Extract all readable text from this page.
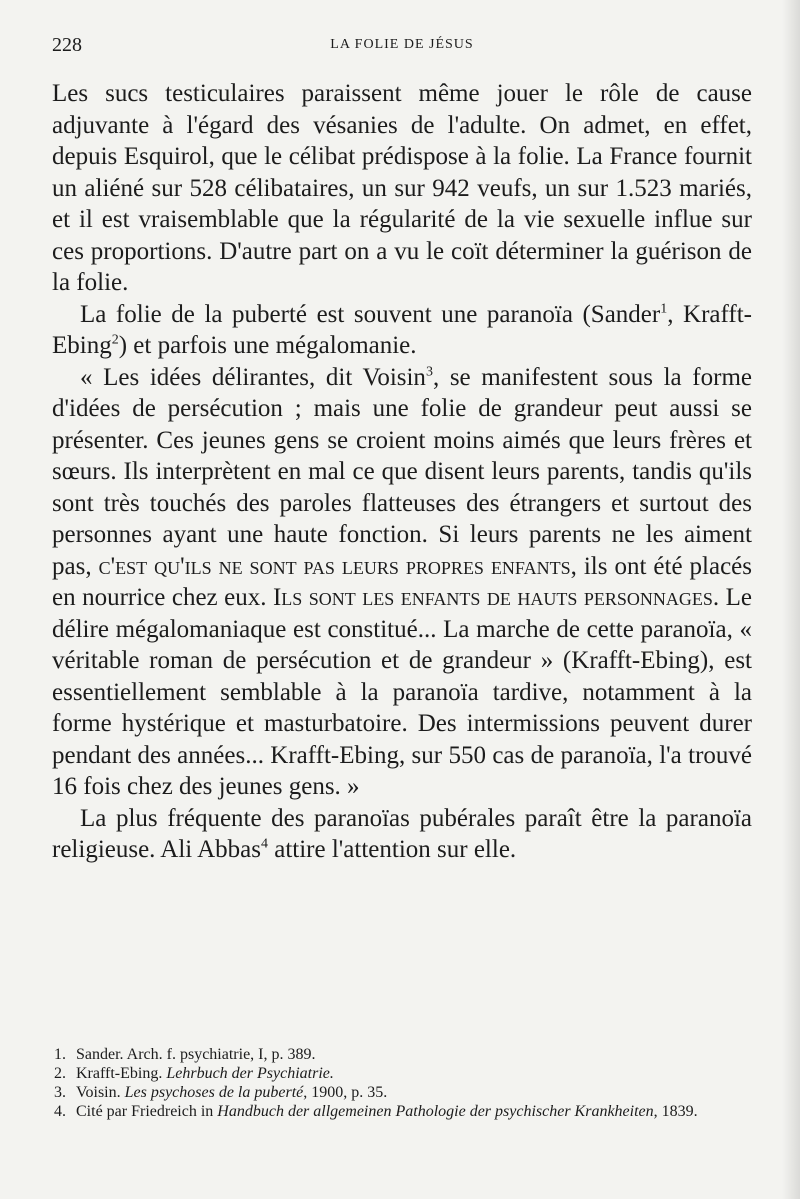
228	LA FOLIE DE JÉSUS

Les sucs testiculaires paraissent même jouer le rôle de cause adjuvante à l'égard des vésanies de l'adulte. On admet, en effet, depuis Esquirol, que le célibat prédispose à la folie. La France fournit un aliéné sur 528 célibataires, un sur 942 veufs, un sur 1.523 mariés, et il est vraisemblable que la régularité de la vie sexuelle influe sur ces proportions. D'autre part on a vu le coït déterminer la guérison de la folie.

La folie de la puberté est souvent une paranoïa (Sander$^1$, Krafft-Ebing$^2$) et parfois une mégalomanie.

« Les idées délirantes, dit Voisin$^3$, se manifestent sous la forme d'idées de persécution ; mais une folie de grandeur peut aussi se présenter. Ces jeunes gens se croient moins aimés que leurs frères et sœurs. Ils interprètent en mal ce que disent leurs parents, tandis qu'ils sont très touchés des paroles flatteuses des étrangers et surtout des personnes ayant une haute fonction. Si leurs parents ne les aiment pas, c'est qu'ils ne sont pas leurs propres enfants, ils ont été placés en nourrice chez eux. Ils sont les enfants de hauts personnages. Le délire mégalomaniaque est constitué... La marche de cette paranoïa, « véritable roman de persécution et de grandeur » (Krafft-Ebing), est essentiellement semblable à la paranoïa tardive, notamment à la forme hystérique et masturbatoire. Des intermissions peuvent durer pendant des années... Krafft-Ebing, sur 550 cas de paranoïa, l'a trouvé 16 fois chez des jeunes gens. »

La plus fréquente des paranoïas pubérales paraît être la paranoïa religieuse. Ali Abbas$^4$ attire l'attention sur elle.

1. Sander. Arch. f. psychiatrie, I, p. 389.

2. Krafft-Ebing. Lehrbuch der Psychiatrie.

3. Voisin. Les psychoses de la puberté, 1900, p. 35.

4. Cité par Friedreich in Handbuch der allgemeinen Pathologie der psychischer Krankheiten, 1839.
